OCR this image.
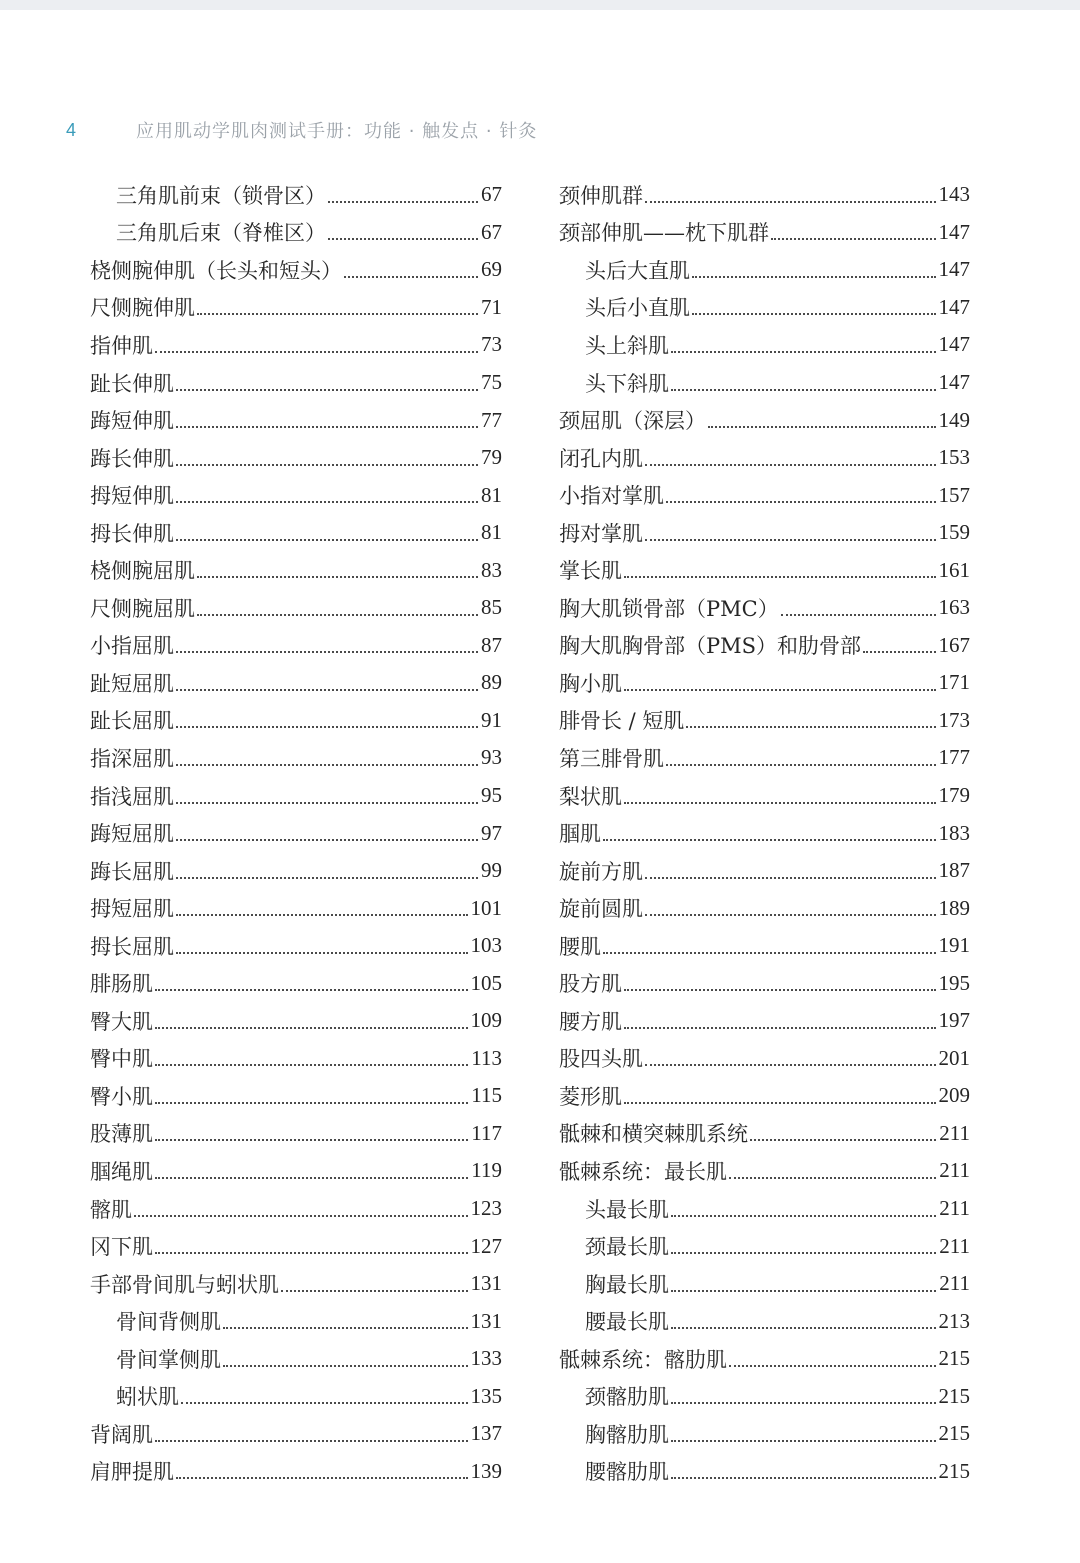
4	应用肌动学肌肉测试手册：功能 · 触发点 · 针灸
三角肌前束（锁骨区）	67
三角肌后束（脊椎区）	67
桡侧腕伸肌（长头和短头）	69
尺侧腕伸肌	71
指伸肌	73
趾长伸肌	75
踇短伸肌	77
踇长伸肌	79
拇短伸肌	81
拇长伸肌	81
桡侧腕屈肌	83
尺侧腕屈肌	85
小指屈肌	87
趾短屈肌	89
趾长屈肌	91
指深屈肌	93
指浅屈肌	95
踇短屈肌	97
踇长屈肌	99
拇短屈肌	101
拇长屈肌	103
腓肠肌	105
臀大肌	109
臀中肌	113
臀小肌	115
股薄肌	117
腘绳肌	119
髂肌	123
冈下肌	127
手部骨间肌与蚓状肌	131
骨间背侧肌	131
骨间掌侧肌	133
蚓状肌	135
背阔肌	137
肩胛提肌	139
颈伸肌群	143
颈部伸肌——枕下肌群	147
头后大直肌	147
头后小直肌	147
头上斜肌	147
头下斜肌	147
颈屈肌（深层）	149
闭孔内肌	153
小指对掌肌	157
拇对掌肌	159
掌长肌	161
胸大肌锁骨部（PMC）	163
胸大肌胸骨部（PMS）和肋骨部	167
胸小肌	171
腓骨长 / 短肌	173
第三腓骨肌	177
梨状肌	179
腘肌	183
旋前方肌	187
旋前圆肌	189
腰肌	191
股方肌	195
腰方肌	197
股四头肌	201
菱形肌	209
骶棘和横突棘肌系统	211
骶棘系统：最长肌	211
头最长肌	211
颈最长肌	211
胸最长肌	211
腰最长肌	213
骶棘系统：髂肋肌	215
颈髂肋肌	215
胸髂肋肌	215
腰髂肋肌	215
